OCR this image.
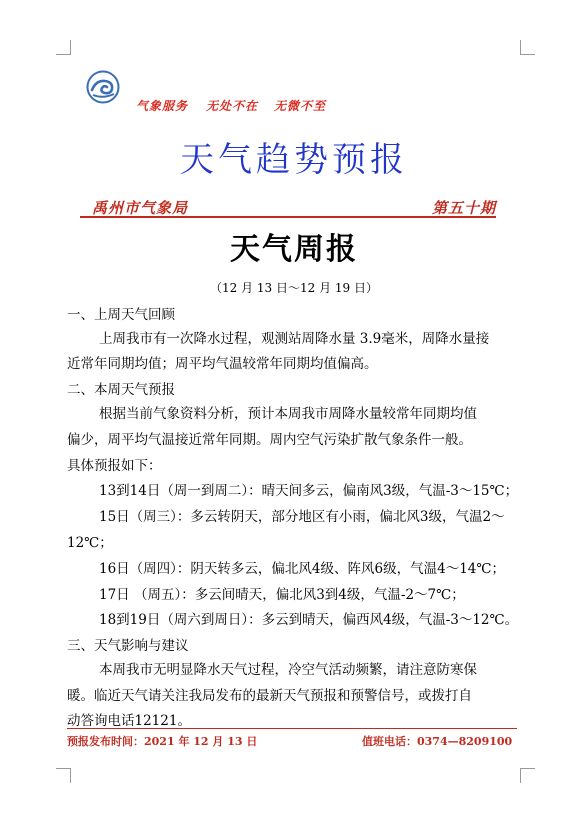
气象服务 无处不在 无微不至
天气趋势预报
禹州市气象局	第五十期
天气周报
（12 月 13 日～12 月 19 日）
一、上周天气回顾
上周我市有一次降水过程，观测站周降水量 3.9毫米，周降水量接
近常年同期均值；周平均气温较常年同期均值偏高。
二、本周天气预报
根据当前气象资料分析，预计本周我市周降水量较常年同期均值
偏少，周平均气温接近常年同期。周内空气污染扩散气象条件一般。
具体预报如下：
13到14日（周一到周二）：晴天间多云，偏南风3级，气温-3～15℃；
15日（周三）：多云转阴天，部分地区有小雨，偏北风3级，气温2～
12℃；
16日（周四）：阴天转多云，偏北风4级、阵风6级，气温4～14℃；
17日 （周五）：多云间晴天，偏北风3到4级，气温-2～7℃；
18到19日（周六到周日）：多云到晴天，偏西风4级，气温-3～12℃。
三、天气影响与建议
本周我市无明显降水天气过程，冷空气活动频繁，请注意防寒保
暖。临近天气请关注我局发布的最新天气预报和预警信号，或拨打自
动答询电话12121。
预报发布时间：2021 年 12 月 13 日	值班电话：0374—8209100
